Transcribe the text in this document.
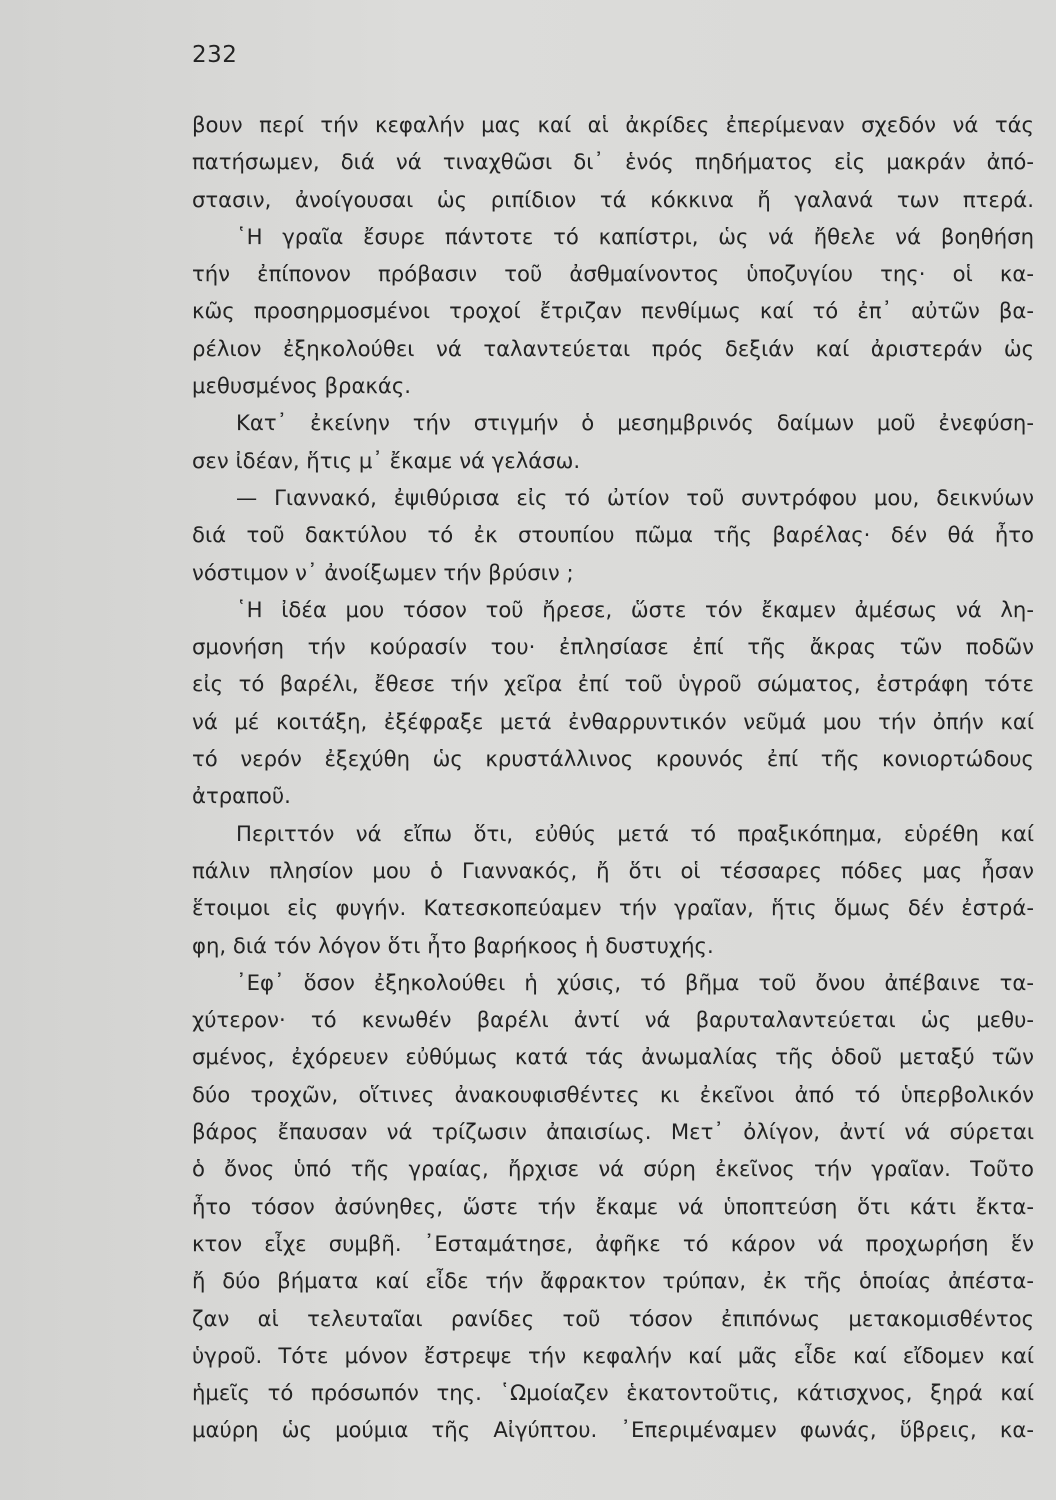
232
βουν περί τήν κεφαλήν μας καί αἱ ἀκρίδες ἐπερίμεναν σχεδόν νά τάς
πατήσωμεν, διά νά τιναχθῶσι δι᾽ ἑνός πηδήματος εἰς μακράν ἀπό-
στασιν, ἀνοίγουσαι ὡς ριπίδιον τά κόκκινα ἤ γαλανά των πτερά.
῾Η γραῖα ἔσυρε πάντοτε τό καπίστρι, ὡς νά ἤθελε νά βοηθήση
τήν ἐπίπονον πρόβασιν τοῦ ἀσθμαίνοντος ὑποζυγίου της· οἱ κα-
κῶς προσηρμοσμένοι τροχοί ἔτριζαν πενθίμως καί τό ἐπ᾽ αὐτῶν βα-
ρέλιον ἐξηκολούθει νά ταλαντεύεται πρός δεξιάν καί ἀριστεράν ὡς
μεθυσμένος βρακάς.
Κατ᾽ ἐκείνην τήν στιγμήν ὁ μεσημβρινός δαίμων μοῦ ἐνεφύση-
σεν ἰδέαν, ἥτις μ᾽ ἔκαμε νά γελάσω.
— Γιαννακό, ἐψιθύρισα εἰς τό ὠτίον τοῦ συντρόφου μου, δεικνύων
διά τοῦ δακτύλου τό ἐκ στουπίου πῶμα τῆς βαρέλας· δέν θά ἦτο
νόστιμον ν᾽ ἀνοίξωμεν τήν βρύσιν ;
῾Η ἰδέα μου τόσον τοῦ ἤρεσε, ὥστε τόν ἔκαμεν ἀμέσως νά λη-
σμονήση τήν κούρασίν του· ἐπλησίασε ἐπί τῆς ἄκρας τῶν ποδῶν
εἰς τό βαρέλι, ἔθεσε τήν χεῖρα ἐπί τοῦ ὑγροῦ σώματος, ἐστράφη τότε
νά μέ κοιτάξη, ἐξέφραξε μετά ἐνθαρρυντικόν νεῦμά μου τήν ὀπήν καί
τό νερόν ἐξεχύθη ὡς κρυστάλλινος κρουνός ἐπί τῆς κονιορτώδους
ἀτραποῦ.
Περιττόν νά εἴπω ὅτι, εὐθύς μετά τό πραξικόπημα, εὑρέθη καί
πάλιν πλησίον μου ὁ Γιαννακός, ἤ ὅτι οἱ τέσσαρες πόδες μας ἦσαν
ἕτοιμοι εἰς φυγήν. Κατεσκοπεύαμεν τήν γραῖαν, ἥτις ὅμως δέν ἐστρά-
φη, διά τόν λόγον ὅτι ἦτο βαρήκοος ἡ δυστυχής.
᾽Εφ᾽ ὅσον ἐξηκολούθει ἡ χύσις, τό βῆμα τοῦ ὄνου ἀπέβαινε τα-
χύτερον· τό κενωθέν βαρέλι ἀντί νά βαρυταλαντεύεται ὡς μεθυ-
σμένος, ἐχόρευεν εὐθύμως κατά τάς ἀνωμαλίας τῆς ὁδοῦ μεταξύ τῶν
δύο τροχῶν, οἵτινες ἀνακουφισθέντες κι ἐκεῖνοι ἀπό τό ὑπερβολικόν
βάρος ἔπαυσαν νά τρίζωσιν ἀπαισίως. Μετ᾽ ὀλίγον, ἀντί νά σύρεται
ὁ ὄνος ὑπό τῆς γραίας, ἤρχισε νά σύρη ἐκεῖνος τήν γραῖαν. Τοῦτο
ἦτο τόσον ἀσύνηθες, ὥστε τήν ἔκαμε νά ὑποπτεύση ὅτι κάτι ἔκτα-
κτον εἶχε συμβῆ. ᾽Εσταμάτησε, ἀφῆκε τό κάρον νά προχωρήση ἕν
ἤ δύο βήματα καί εἶδε τήν ἄφρακτον τρύπαν, ἐκ τῆς ὁποίας ἀπέστα-
ζαν αἱ τελευταῖαι ρανίδες τοῦ τόσον ἐπιπόνως μετακομισθέντος
ὑγροῦ. Τότε μόνον ἔστρεψε τήν κεφαλήν καί μᾶς εἶδε καί εἴδομεν καί
ἡμεῖς τό πρόσωπόν της. ῾Ωμοίαζεν ἑκατοντοῦτις, κάτισχνος, ξηρά καί
μαύρη ὡς μούμια τῆς Αἰγύπτου. ᾽Επεριμέναμεν φωνάς, ὕβρεις, κα-
